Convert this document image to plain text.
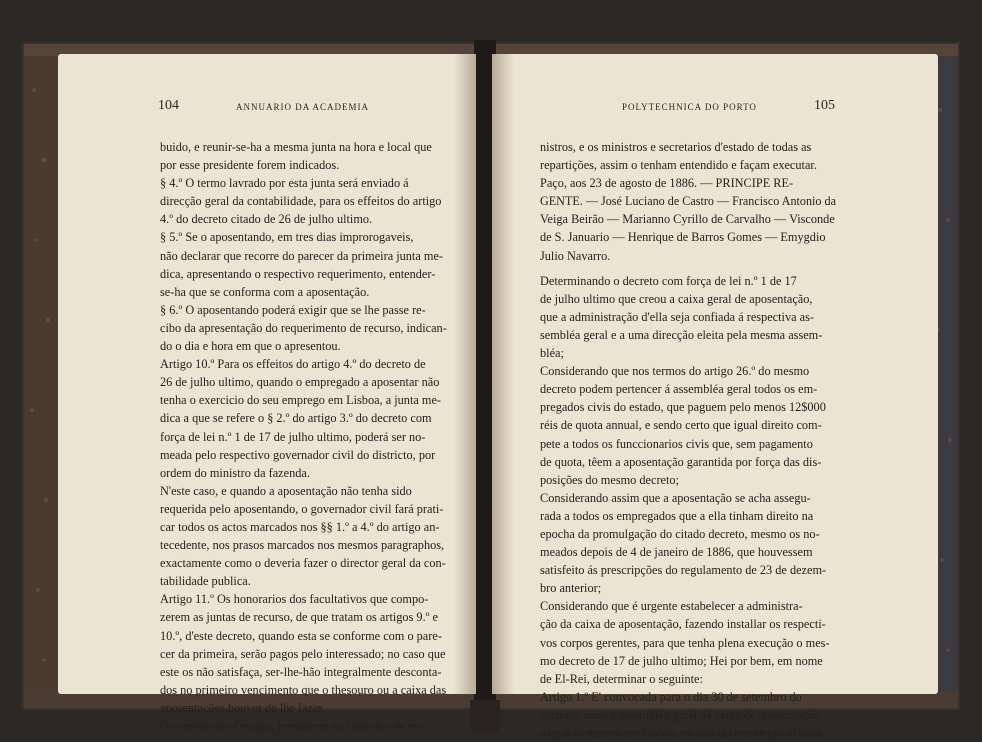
104	ANNUARIO DA ACADEMIA
buido, e reunir-se-ha a mesma junta na hora e local que
por esse presidente forem indicados.
§ 4.º O termo lavrado por esta junta será enviado á
direcção geral da contabilidade, para os effeitos do artigo
4.º do decreto citado de 26 de julho ultimo.
§ 5.º Se o aposentando, em tres dias improrogaveis,
não declarar que recorre do parecer da primeira junta me-
dica, apresentando o respectivo requerimento, entender-
se-ha que se conforma com a aposentação.
§ 6.º O aposentando poderá exigir que se lhe passe re-
cibo da apresentação do requerimento de recurso, indican-
do o dia e hora em que o apresentou.
Artigo 10.º Para os effeitos do artigo 4.º do decreto de
26 de julho ultimo, quando o empregado a aposentar não
tenha o exercicio do seu emprego em Lisboa, a junta me-
dica a que se refere o § 2.º do artigo 3.º do decreto com
força de lei n.º 1 de 17 de julho ultimo, poderá ser no-
meada pelo respectivo governador civil do districto, por
ordem do ministro da fazenda.
N'este caso, e quando a aposentação não tenha sido
requerida pelo aposentando, o governador civil fará prati-
car todos os actos marcados nos §§ 1.º a 4.º do artigo an-
tecedente, nos prasos marcados nos mesmos paragraphos,
exactamente como o deveria fazer o director geral da con-
tabilidade publica.
Artigo 11.º Os honorarios dos facultativos que compo-
zerem as juntas de recurso, de que tratam os artigos 9.º e
10.º, d'este decreto, quando esta se conforme com o pare-
cer da primeira, serão pagos pelo interessado; no caso que
este os não satisfaça, ser-lhe-hão integralmente desconta-
dos no primeiro vencimento que o thesouro ou a caixa das
aposentações houver de lhe fazer.
O conselheiro d'estado, presidente do conselho de mi-
POLYTECHNICA DO PORTO	105
nistros, e os ministros e secretarios d'estado de todas as
repartições, assim o tenham entendido e façam executar.
Paço, aos 23 de agosto de 1886. — PRINCIPE RE-
GENTE. — José Luciano de Castro — Francisco Antonio da
Veiga Beirão — Marianno Cyrillo de Carvalho — Visconde
de S. Januario — Henrique de Barros Gomes — Emygdio
Julio Navarro.
Determinando o decreto com força de lei n.º 1 de 17
de julho ultimo que creou a caixa geral de aposentação,
que a administração d'ella seja confiada á respectiva as-
sembléa geral e a uma direcção eleita pela mesma assem-
bléa;
Considerando que nos termos do artigo 26.º do mesmo
decreto podem pertencer á assembléa geral todos os em-
pregados civis do estado, que paguem pelo menos 12$000
réis de quota annual, e sendo certo que igual direito com-
pete a todos os funccionarios civis que, sem pagamento
de quota, têem a aposentação garantida por força das dis-
posições do mesmo decreto;
Considerando assim que a aposentação se acha assegu-
rada a todos os empregados que a ella tinham direito na
epocha da promulgação do citado decreto, mesmo os no-
meados depois de 4 de janeiro de 1886, que houvessem
satisfeito ás prescripções do regulamento de 23 de dezem-
bro anterior;
Considerando que é urgente estabelecer a administra-
ção da caixa de aposentação, fazendo installar os respecti-
vos corpos gerentes, para que tenha plena execução o mes-
mo decreto de 17 de julho ultimo; Hei por bem, em nome
de El-Rei, determinar o seguinte:
Artigo 1.º E' convocada para o dia 30 de setembro do
corrente anno a assembléa geral da caixa de aposentação,
a qual se reunirá em Lisboa, na sala do monte pio official.
